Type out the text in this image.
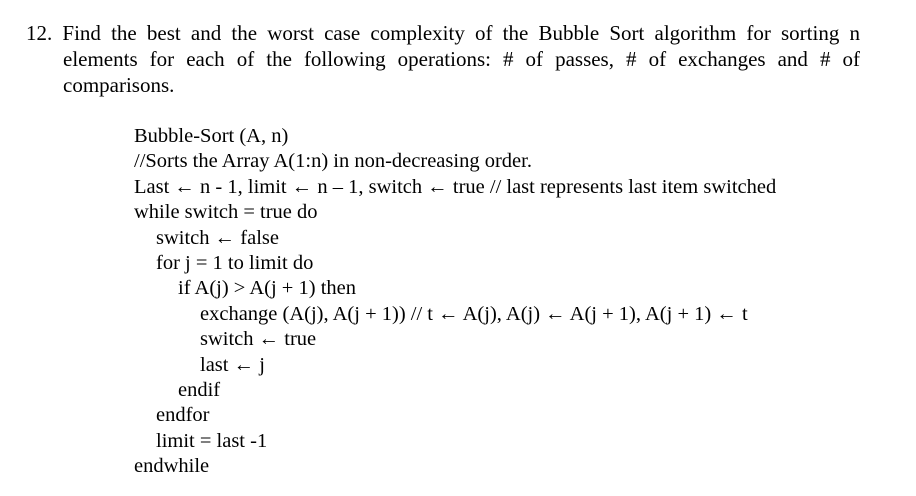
12. Find the best and the worst case complexity of the Bubble Sort algorithm for sorting n
elements for each of the following operations: # of passes, # of exchanges and # of
comparisons.
Bubble-Sort (A, n)
//Sorts the Array A(1:n) in non-decreasing order.
Last ← n - 1, limit ← n – 1, switch ← true // last represents last item switched
while switch = true do
switch ← false
for j = 1 to limit do
if A(j) > A(j + 1) then
exchange (A(j), A(j + 1)) // t ← A(j), A(j) ← A(j + 1), A(j + 1) ← t
switch ← true
last ← j
endif
endfor
limit = last -1
endwhile
